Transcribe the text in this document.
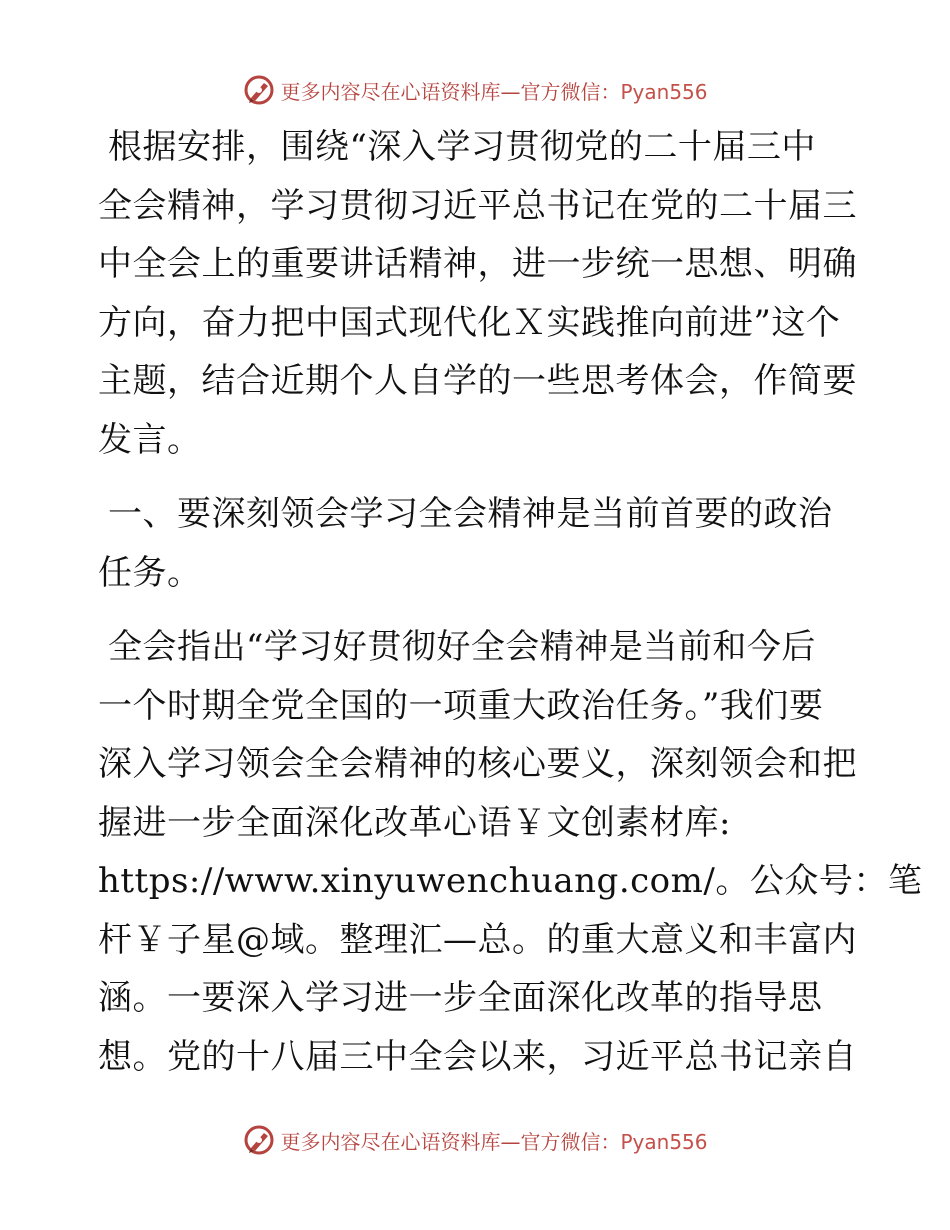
更多内容尽在心语资料库—官方微信：Pyan556

根据安排，围绕“深入学习贯彻党的二十届三中
全会精神，学习贯彻习近平总书记在党的二十届三
中全会上的重要讲话精神，进一步统一思想、明确
方向，奋力把中国式现代化Ｘ实践推向前进”这个
主题，结合近期个人自学的一些思考体会，作简要
发言。

一、要深刻领会学习全会精神是当前首要的政治
任务。

全会指出“学习好贯彻好全会精神是当前和今后
一个时期全党全国的一项重大政治任务。”我们要
深入学习领会全会精神的核心要义，深刻领会和把
握进一步全面深化改革心语￥文创素材库:
https://www.xinyuwenchuang.com/。公众号：笔
杆￥子星@域。整理汇—总。的重大意义和丰富内
涵。一要深入学习进一步全面深化改革的指导思
想。党的十八届三中全会以来，习近平总书记亲自

更多内容尽在心语资料库—官方微信：Pyan556
